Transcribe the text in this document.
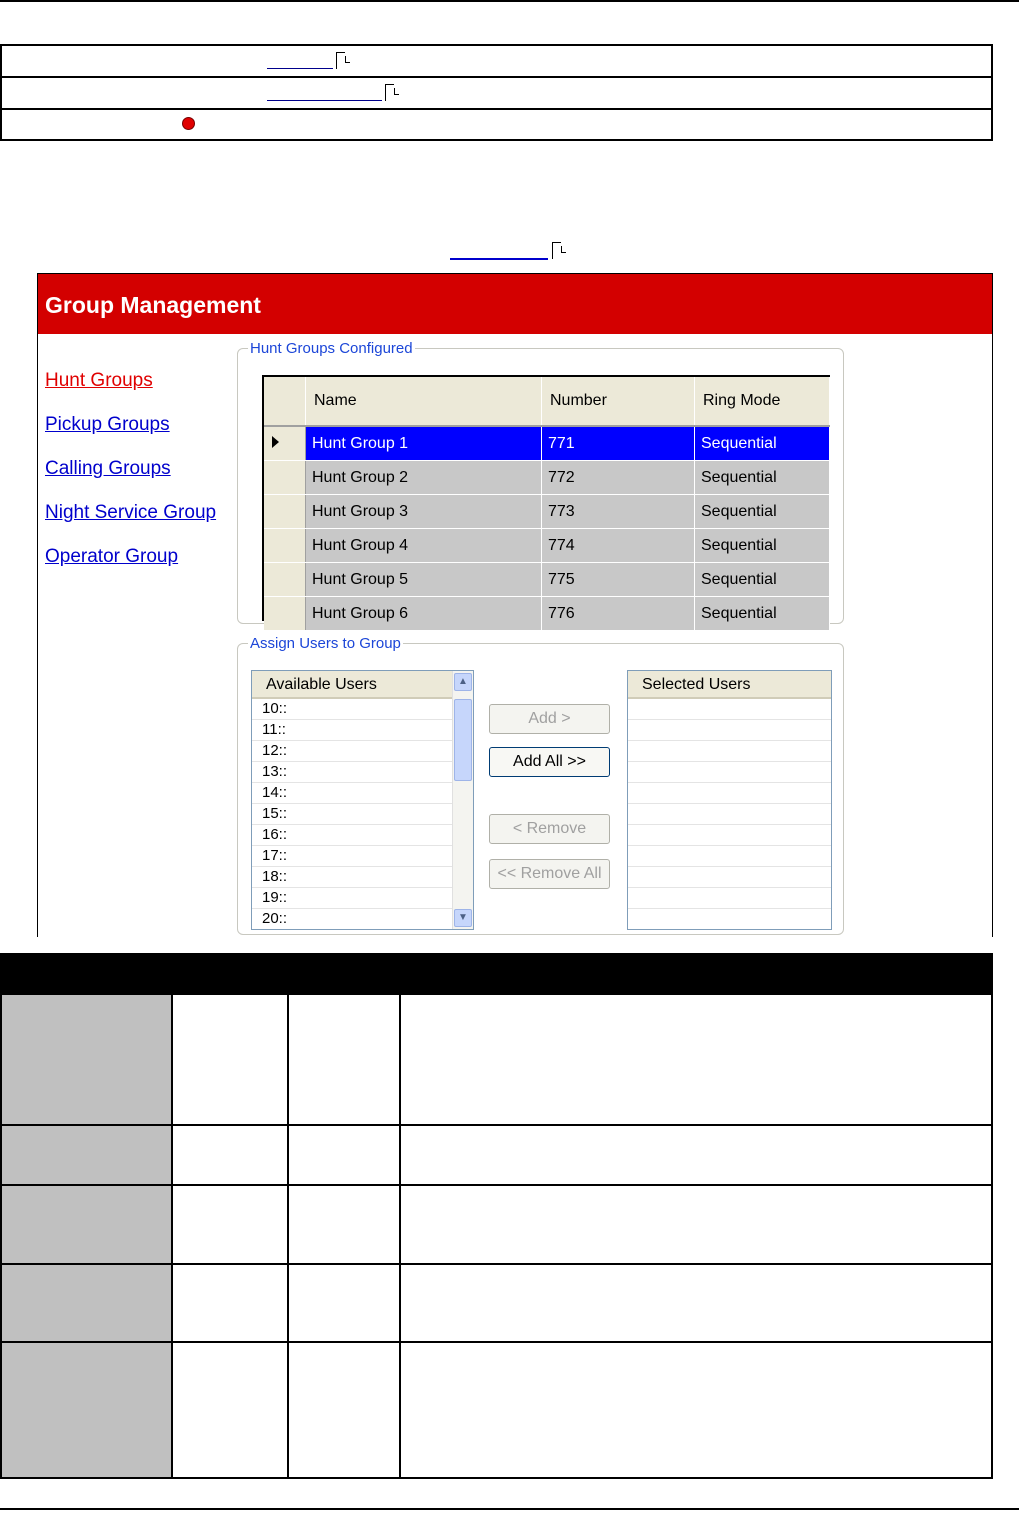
Group Management
Hunt Groups
Pickup Groups
Calling Groups
Night Service Group
Operator Group
Hunt Groups Configured
	Name	Number	Ring Mode
	Hunt Group 1	771	Sequential
	Hunt Group 2	772	Sequential
	Hunt Group 3	773	Sequential
	Hunt Group 4	774	Sequential
	Hunt Group 5	775	Sequential
	Hunt Group 6	776	Sequential
Assign Users to Group
Available Users
10::
11::
12::
13::
14::
15::
16::
17::
18::
19::
20::
▲
▼
Add >
Add All >>
< Remove
<< Remove All
Selected Users
